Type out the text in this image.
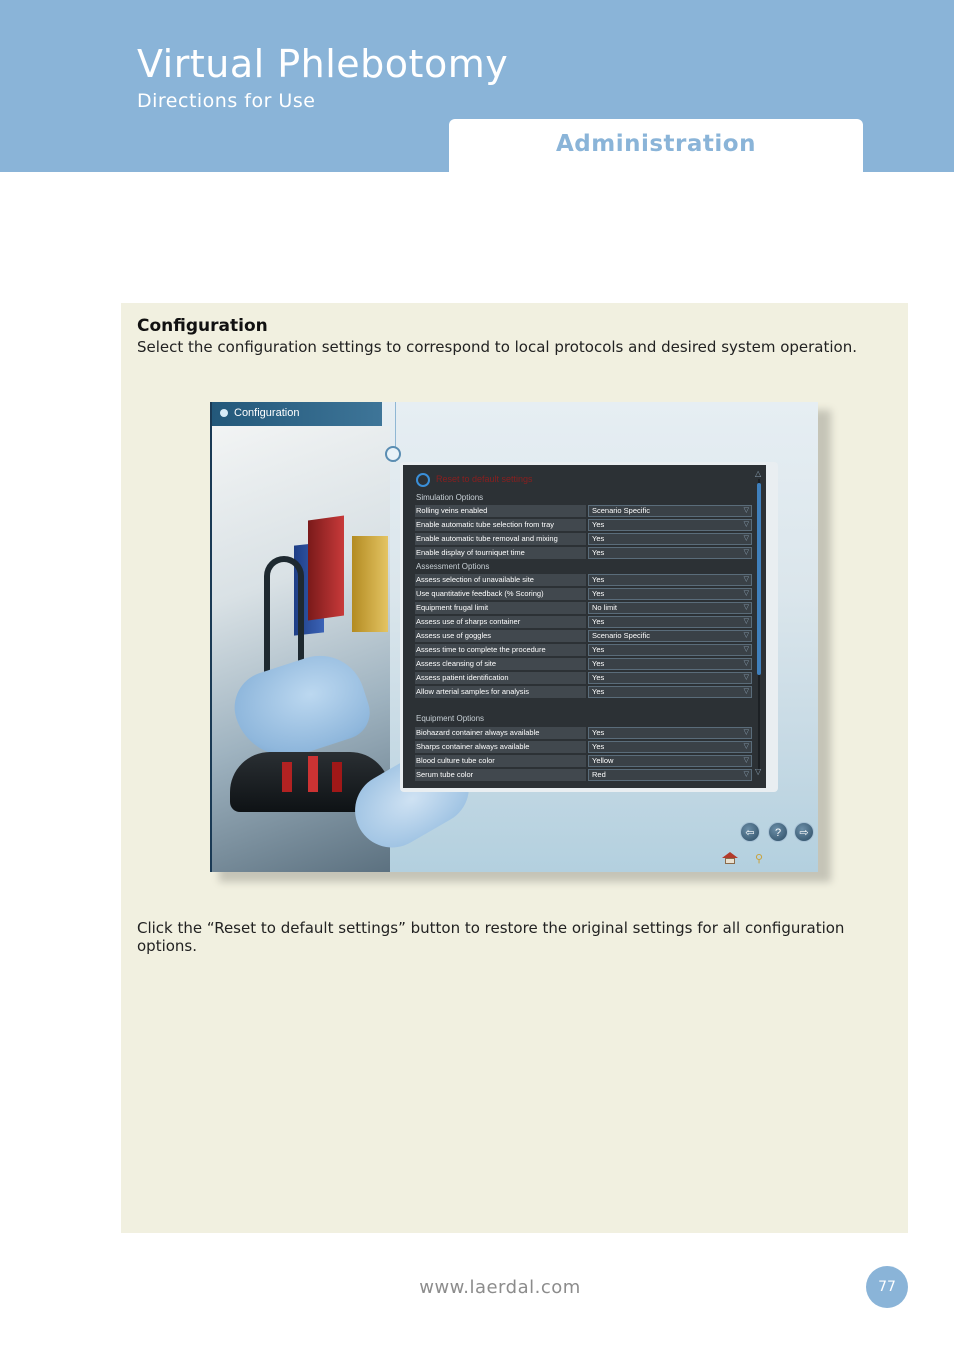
Virtual Phlebotomy
Directions for Use
Administration
Configuration
Select the configuration settings to correspond to local protocols and desired system operation.
Click the “Reset to default settings” button to restore the original settings for all configuration options.
Configuration
Reset to default settings
Simulation Options
Rolling veins enabled	Scenario Specific	▽
Enable automatic tube selection from tray	Yes	▽
Enable automatic tube removal and mixing	Yes	▽
Enable display of tourniquet time	Yes	▽
Assessment Options
Assess selection of unavailable site	Yes	▽
Use quantitative feedback (% Scoring)	Yes	▽
Equipment frugal limit	No limit	▽
Assess use of sharps container	Yes	▽
Assess use of goggles	Scenario Specific	▽
Assess time to complete the procedure	Yes	▽
Assess cleansing of site	Yes	▽
Assess patient identification	Yes	▽
Allow arterial samples for analysis	Yes	▽
Equipment Options
Biohazard container always available	Yes	▽
Sharps container always available	Yes	▽
Blood culture tube color	Yellow	▽
Serum tube color	Red	▽
△
▽
⇦	?	⇨
⚲
www.laerdal.com	77
